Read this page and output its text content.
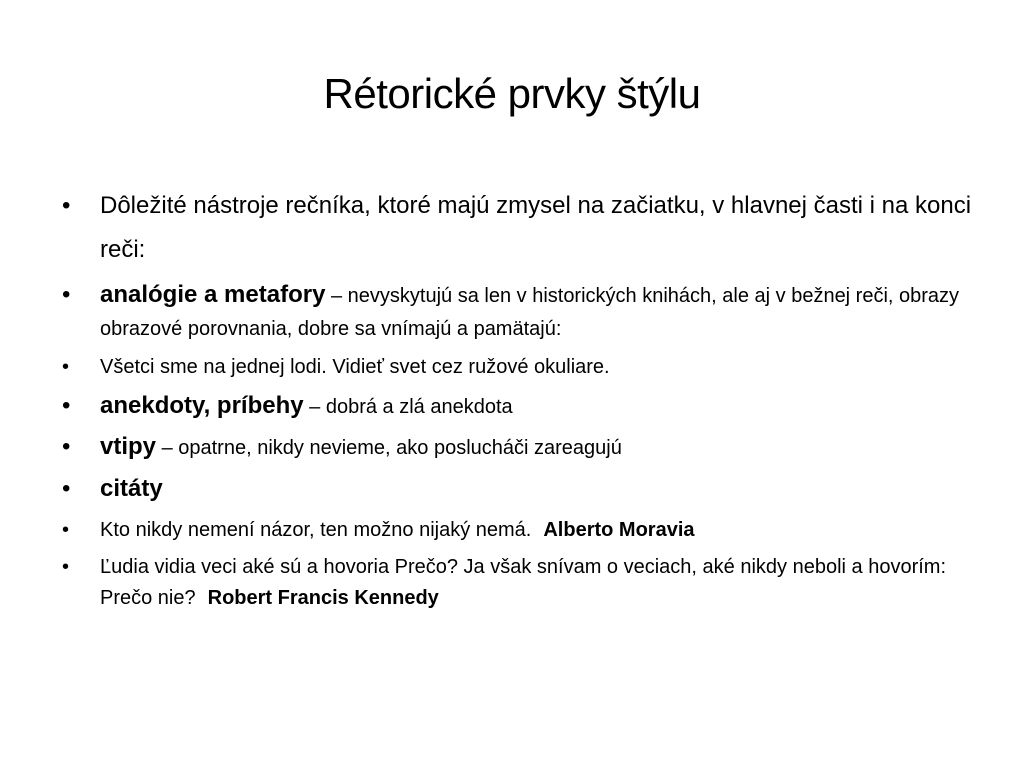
Rétorické prvky štýlu
• Dôležité nástroje rečníka, ktoré majú zmysel na začiatku, v hlavnej časti i na konci reči:
• analógie a metafory – nevyskytujú sa len v historických knihách, ale aj v bežnej reči, obrazy obrazové porovnania, dobre sa vnímajú a pamätajú:
• Všetci sme na jednej lodi. Vidieť svet cez ružové okuliare.
• anekdoty, príbehy – dobrá a zlá anekdota
• vtipy – opatrne, nikdy nevieme, ako poslucháči zareagujú
• citáty
• Kto nikdy nemení názor, ten možno nijaký nemá. Alberto Moravia
• Ľudia vidia veci aké sú a hovoria Prečo? Ja však snívam o veciach, aké nikdy neboli a hovorím: Prečo nie? Robert Francis Kennedy
